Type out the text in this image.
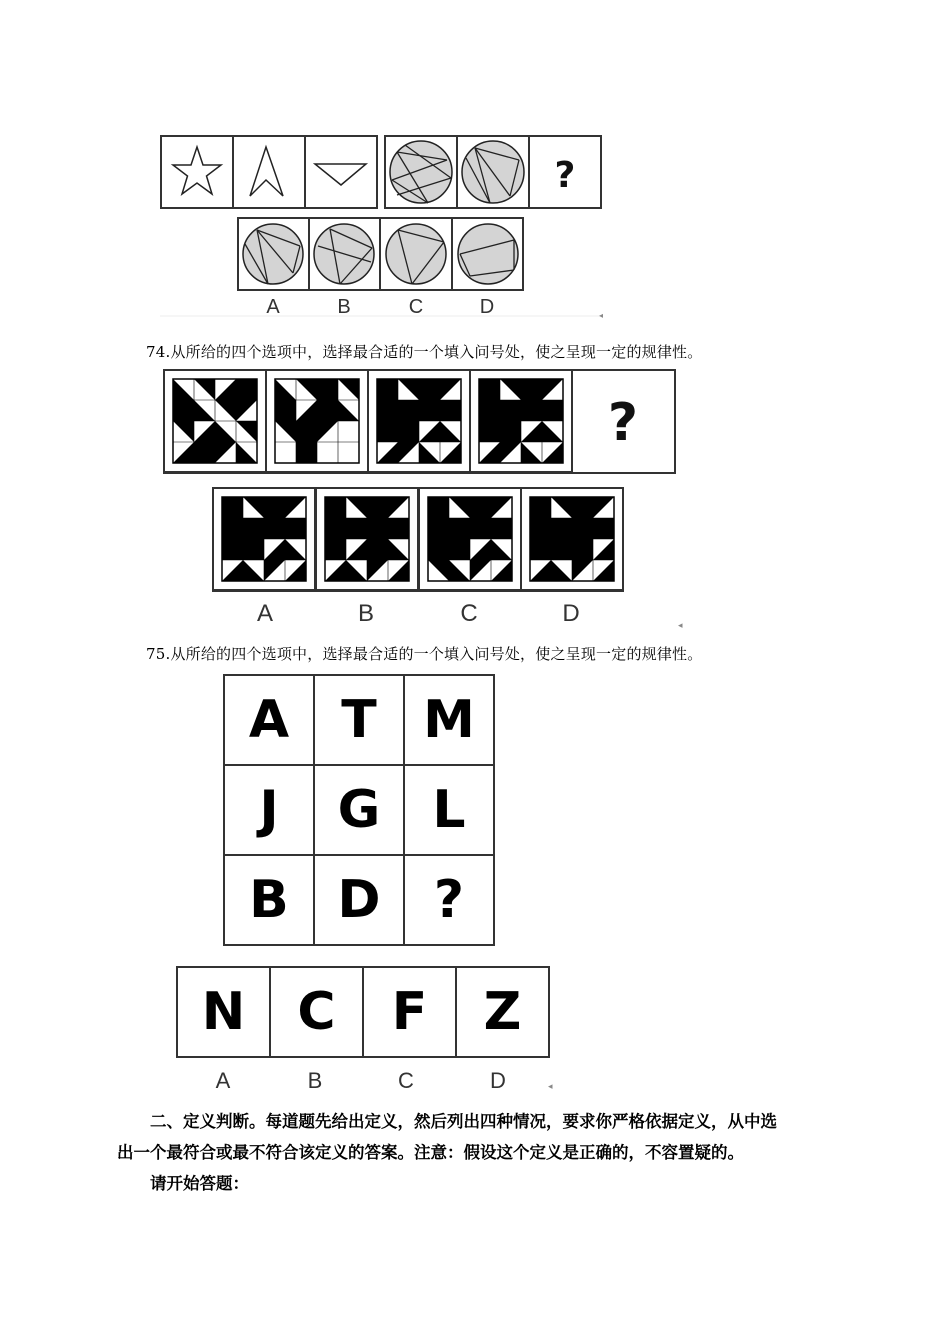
?
◂
A	B	C	D
74.从所给的四个选项中，选择最合适的一个填入问号处，使之呈现一定的规律性。
?
◂
A	B	C	D
75.从所给的四个选项中，选择最合适的一个填入问号处，使之呈现一定的规律性。
A	T	M
J	G	L
B	D	?
N	C	F	Z
A	B	C	D	◂
二、定义判断。每道题先给出定义，然后列出四种情况，要求你严格依据定义，从中选
出一个最符合或最不符合该定义的答案。注意：假设这个定义是正确的，不容置疑的。
请开始答题：
